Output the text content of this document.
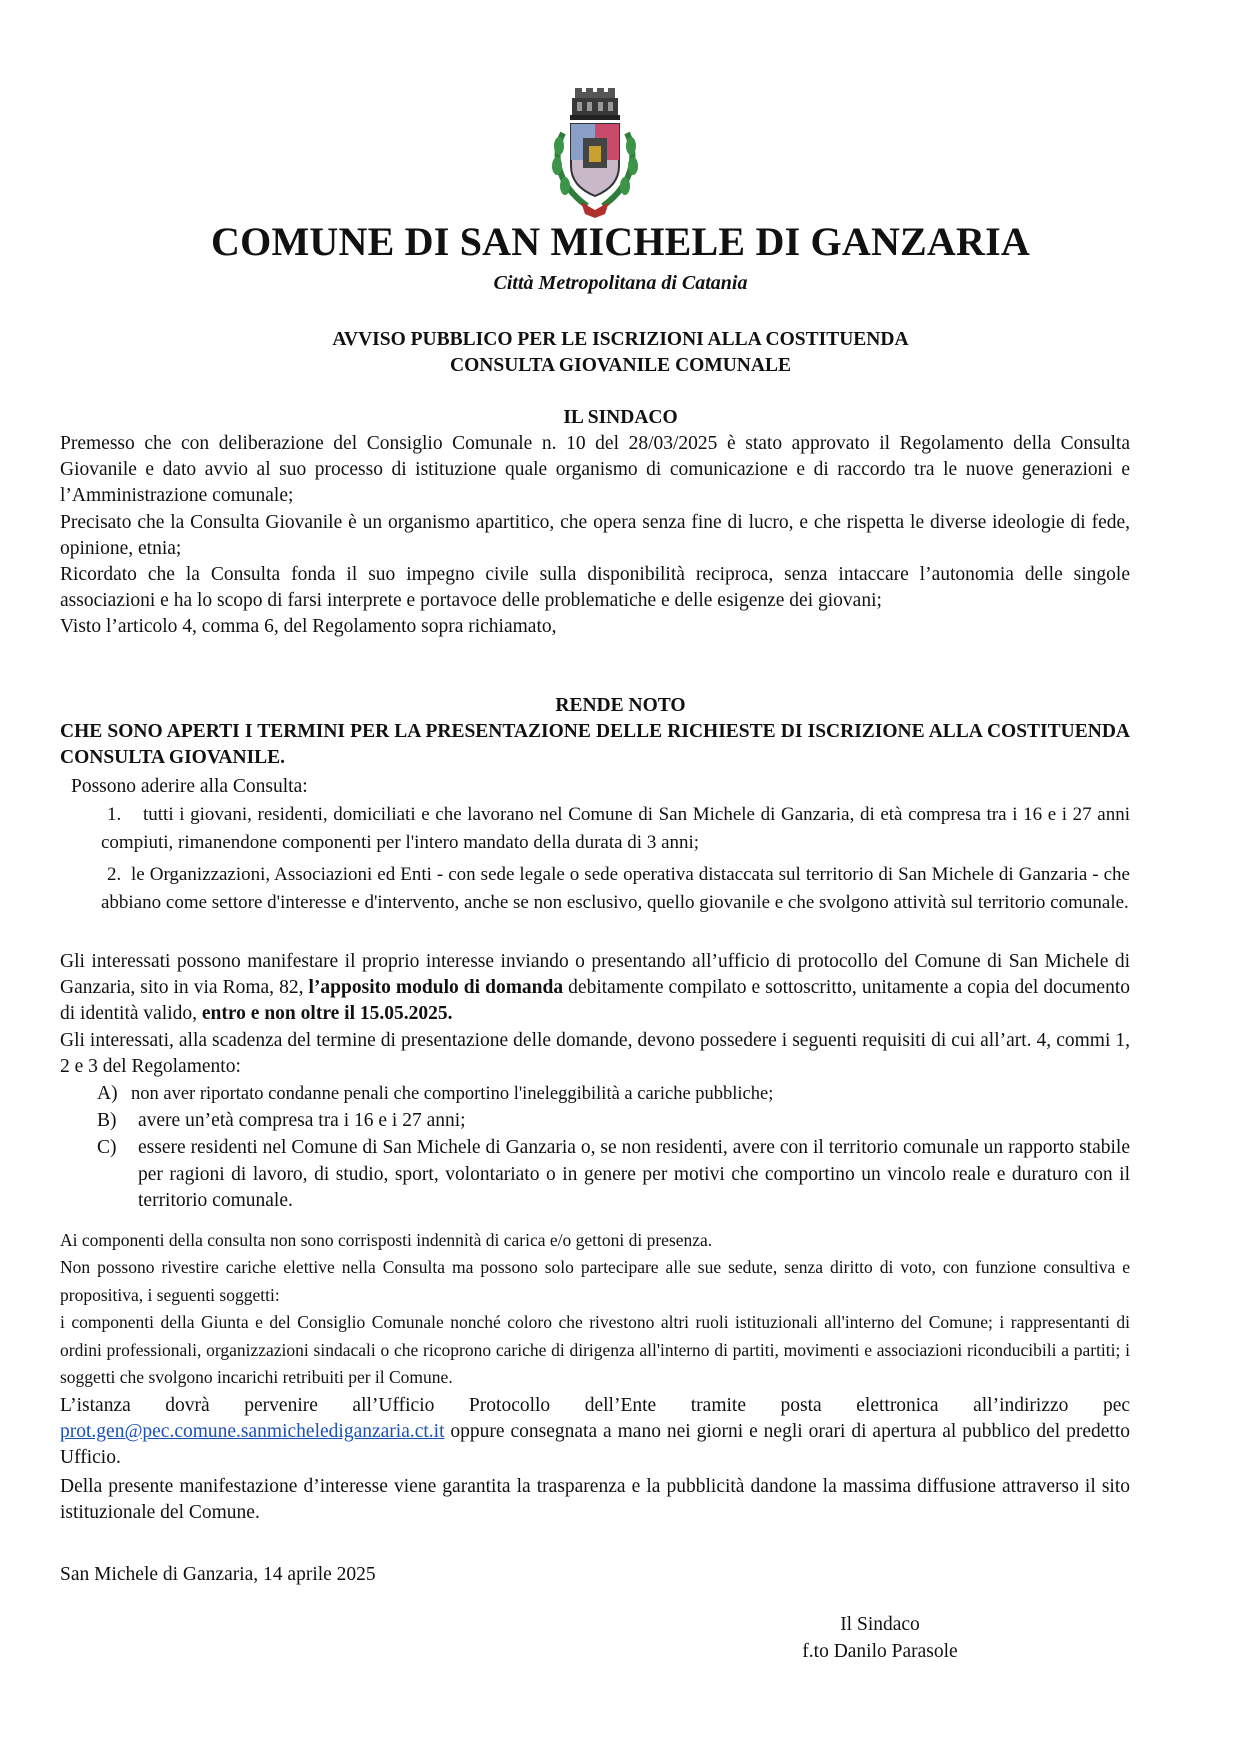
COMUNE DI SAN MICHELE DI GANZARIA
Città Metropolitana di Catania
AVVISO PUBBLICO PER LE ISCRIZIONI ALLA COSTITUENDA
CONSULTA GIOVANILE COMUNALE
IL SINDACO

Premesso che con deliberazione del Consiglio Comunale n. 10 del 28/03/2025 è stato approvato il Regolamento della Consulta Giovanile e dato avvio al suo processo di istituzione quale organismo di comunicazione e di raccordo tra le nuove generazioni e l’Amministrazione comunale;

Precisato che la Consulta Giovanile è un organismo apartitico, che opera senza fine di lucro, e che rispetta le diverse ideologie di fede, opinione, etnia;

Ricordato che la Consulta fonda il suo impegno civile sulla disponibilità reciproca, senza intaccare l’autonomia delle singole associazioni e ha lo scopo di farsi interprete e portavoce delle problematiche e delle esigenze dei giovani;

Visto l’articolo 4, comma 6, del Regolamento sopra richiamato,

RENDE NOTO
CHE SONO APERTI I TERMINI PER LA PRESENTAZIONE DELLE RICHIESTE DI ISCRIZIONE ALLA COSTITUENDA CONSULTA GIOVANILE.
Possono aderire alla Consulta:
1.	tutti i giovani, residenti, domiciliati e che lavorano nel Comune di San Michele di Ganzaria, di età compresa tra i 16 e i 27 anni compiuti, rimanendone componenti per l'intero mandato della durata di 3 anni;
2. le Organizzazioni, Associazioni ed Enti - con sede legale o sede operativa distaccata sul territorio di San Michele di Ganzaria - che abbiano come settore d'interesse e d'intervento, anche se non esclusivo, quello giovanile e che svolgono attività sul territorio comunale.

Gli interessati possono manifestare il proprio interesse inviando o presentando all’ufficio di protocollo del Comune di San Michele di Ganzaria, sito in via Roma, 82, l’apposito modulo di domanda debitamente compilato e sottoscritto, unitamente a copia del documento di identità valido, entro e non oltre il 15.05.2025.

Gli interessati, alla scadenza del termine di presentazione delle domande, devono possedere i seguenti requisiti di cui all’art. 4, commi 1, 2 e 3 del Regolamento:

A) non aver riportato condanne penali che comportino l'ineleggibilità a cariche pubbliche;
B)	avere un’età compresa tra i 16 e i 27 anni;
C)	essere residenti nel Comune di San Michele di Ganzaria o, se non residenti, avere con il territorio comunale un rapporto stabile per ragioni di lavoro, di studio, sport, volontariato o in genere per motivi che comportino un vincolo reale e duraturo con il territorio comunale.
Ai componenti della consulta non sono corrisposti indennità di carica e/o gettoni di presenza.

Non possono rivestire cariche elettive nella Consulta ma possono solo partecipare alle sue sedute, senza diritto di voto, con funzione consultiva e propositiva, i seguenti soggetti:

i componenti della Giunta e del Consiglio Comunale nonché coloro che rivestono altri ruoli istituzionali all'interno del Comune; i rappresentanti di ordini professionali, organizzazioni sindacali o che ricoprono cariche di dirigenza all'interno di partiti, movimenti e associazioni riconducibili a partiti; i soggetti che svolgono incarichi retribuiti per il Comune.

L’istanza dovrà pervenire all’Ufficio Protocollo dell’Ente tramite posta elettronica all’indirizzo pec prot.gen@pec.comune.sanmichelediganzaria.ct.it oppure consegnata a mano nei giorni e negli orari di apertura al pubblico del predetto Ufficio.

Della presente manifestazione d’interesse viene garantita la trasparenza e la pubblicità dandone la massima diffusione attraverso il sito istituzionale del Comune.

San Michele di Ganzaria, 14 aprile 2025
Il Sindaco
f.to Danilo Parasole
